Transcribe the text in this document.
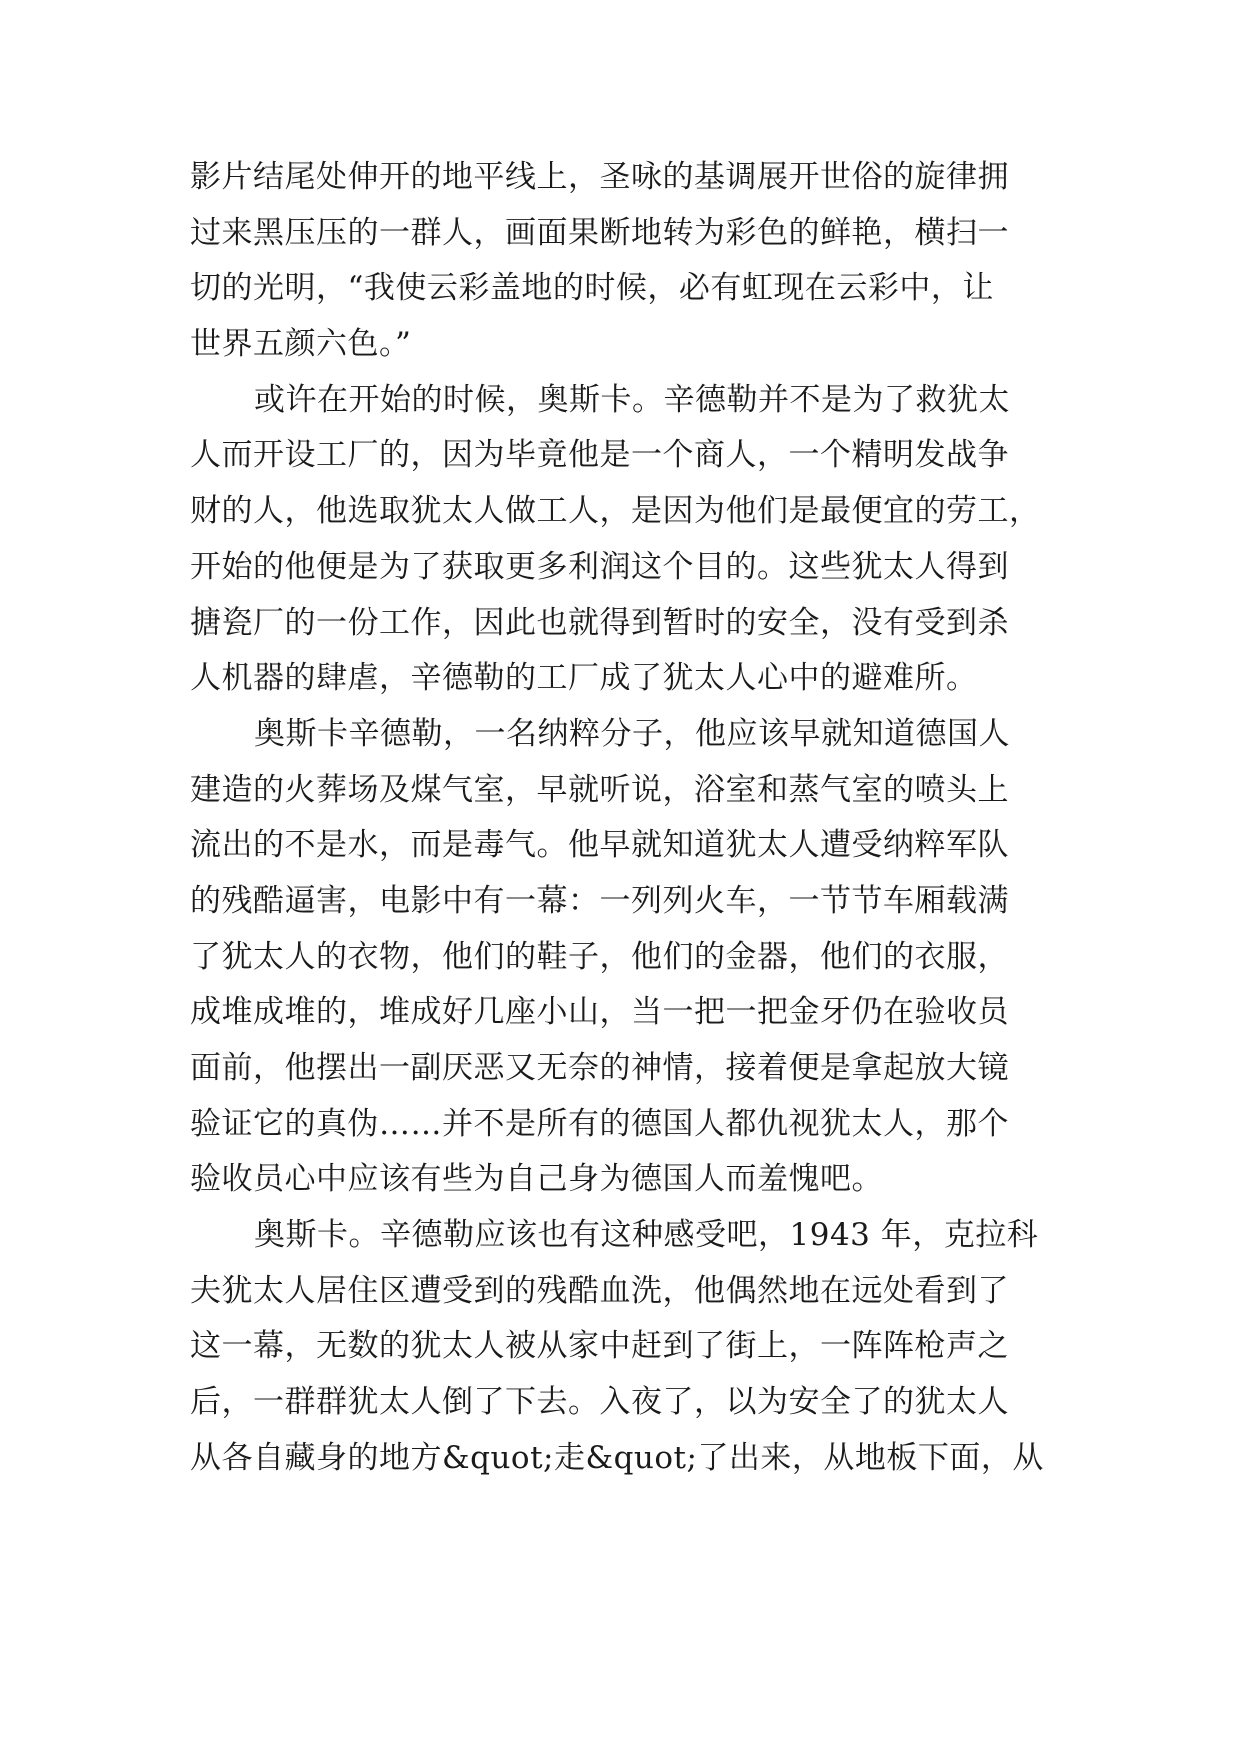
影片结尾处伸开的地平线上，圣咏的基调展开世俗的旋律拥
过来黑压压的一群人，画面果断地转为彩色的鲜艳，横扫一
切的光明，“我使云彩盖地的时候，必有虹现在云彩中，让
世界五颜六色。”
或许在开始的时候，奥斯卡。辛德勒并不是为了救犹太
人而开设工厂的，因为毕竟他是一个商人，一个精明发战争
财的人，他选取犹太人做工人，是因为他们是最便宜的劳工，
开始的他便是为了获取更多利润这个目的。这些犹太人得到
搪瓷厂的一份工作，因此也就得到暂时的安全，没有受到杀
人机器的肆虐，辛德勒的工厂成了犹太人心中的避难所。
奥斯卡辛德勒，一名纳粹分子，他应该早就知道德国人
建造的火葬场及煤气室，早就听说，浴室和蒸气室的喷头上
流出的不是水，而是毒气。他早就知道犹太人遭受纳粹军队
的残酷逼害，电影中有一幕：一列列火车，一节节车厢载满
了犹太人的衣物，他们的鞋子，他们的金器，他们的衣服，
成堆成堆的，堆成好几座小山，当一把一把金牙仍在验收员
面前，他摆出一副厌恶又无奈的神情，接着便是拿起放大镜
验证它的真伪……并不是所有的德国人都仇视犹太人，那个
验收员心中应该有些为自己身为德国人而羞愧吧。
奥斯卡。辛德勒应该也有这种感受吧，1943 年，克拉科
夫犹太人居住区遭受到的残酷血洗，他偶然地在远处看到了
这一幕，无数的犹太人被从家中赶到了街上，一阵阵枪声之
后，一群群犹太人倒了下去。入夜了，以为安全了的犹太人
从各自藏身的地方&quot;走&quot;了出来，从地板下面，从
